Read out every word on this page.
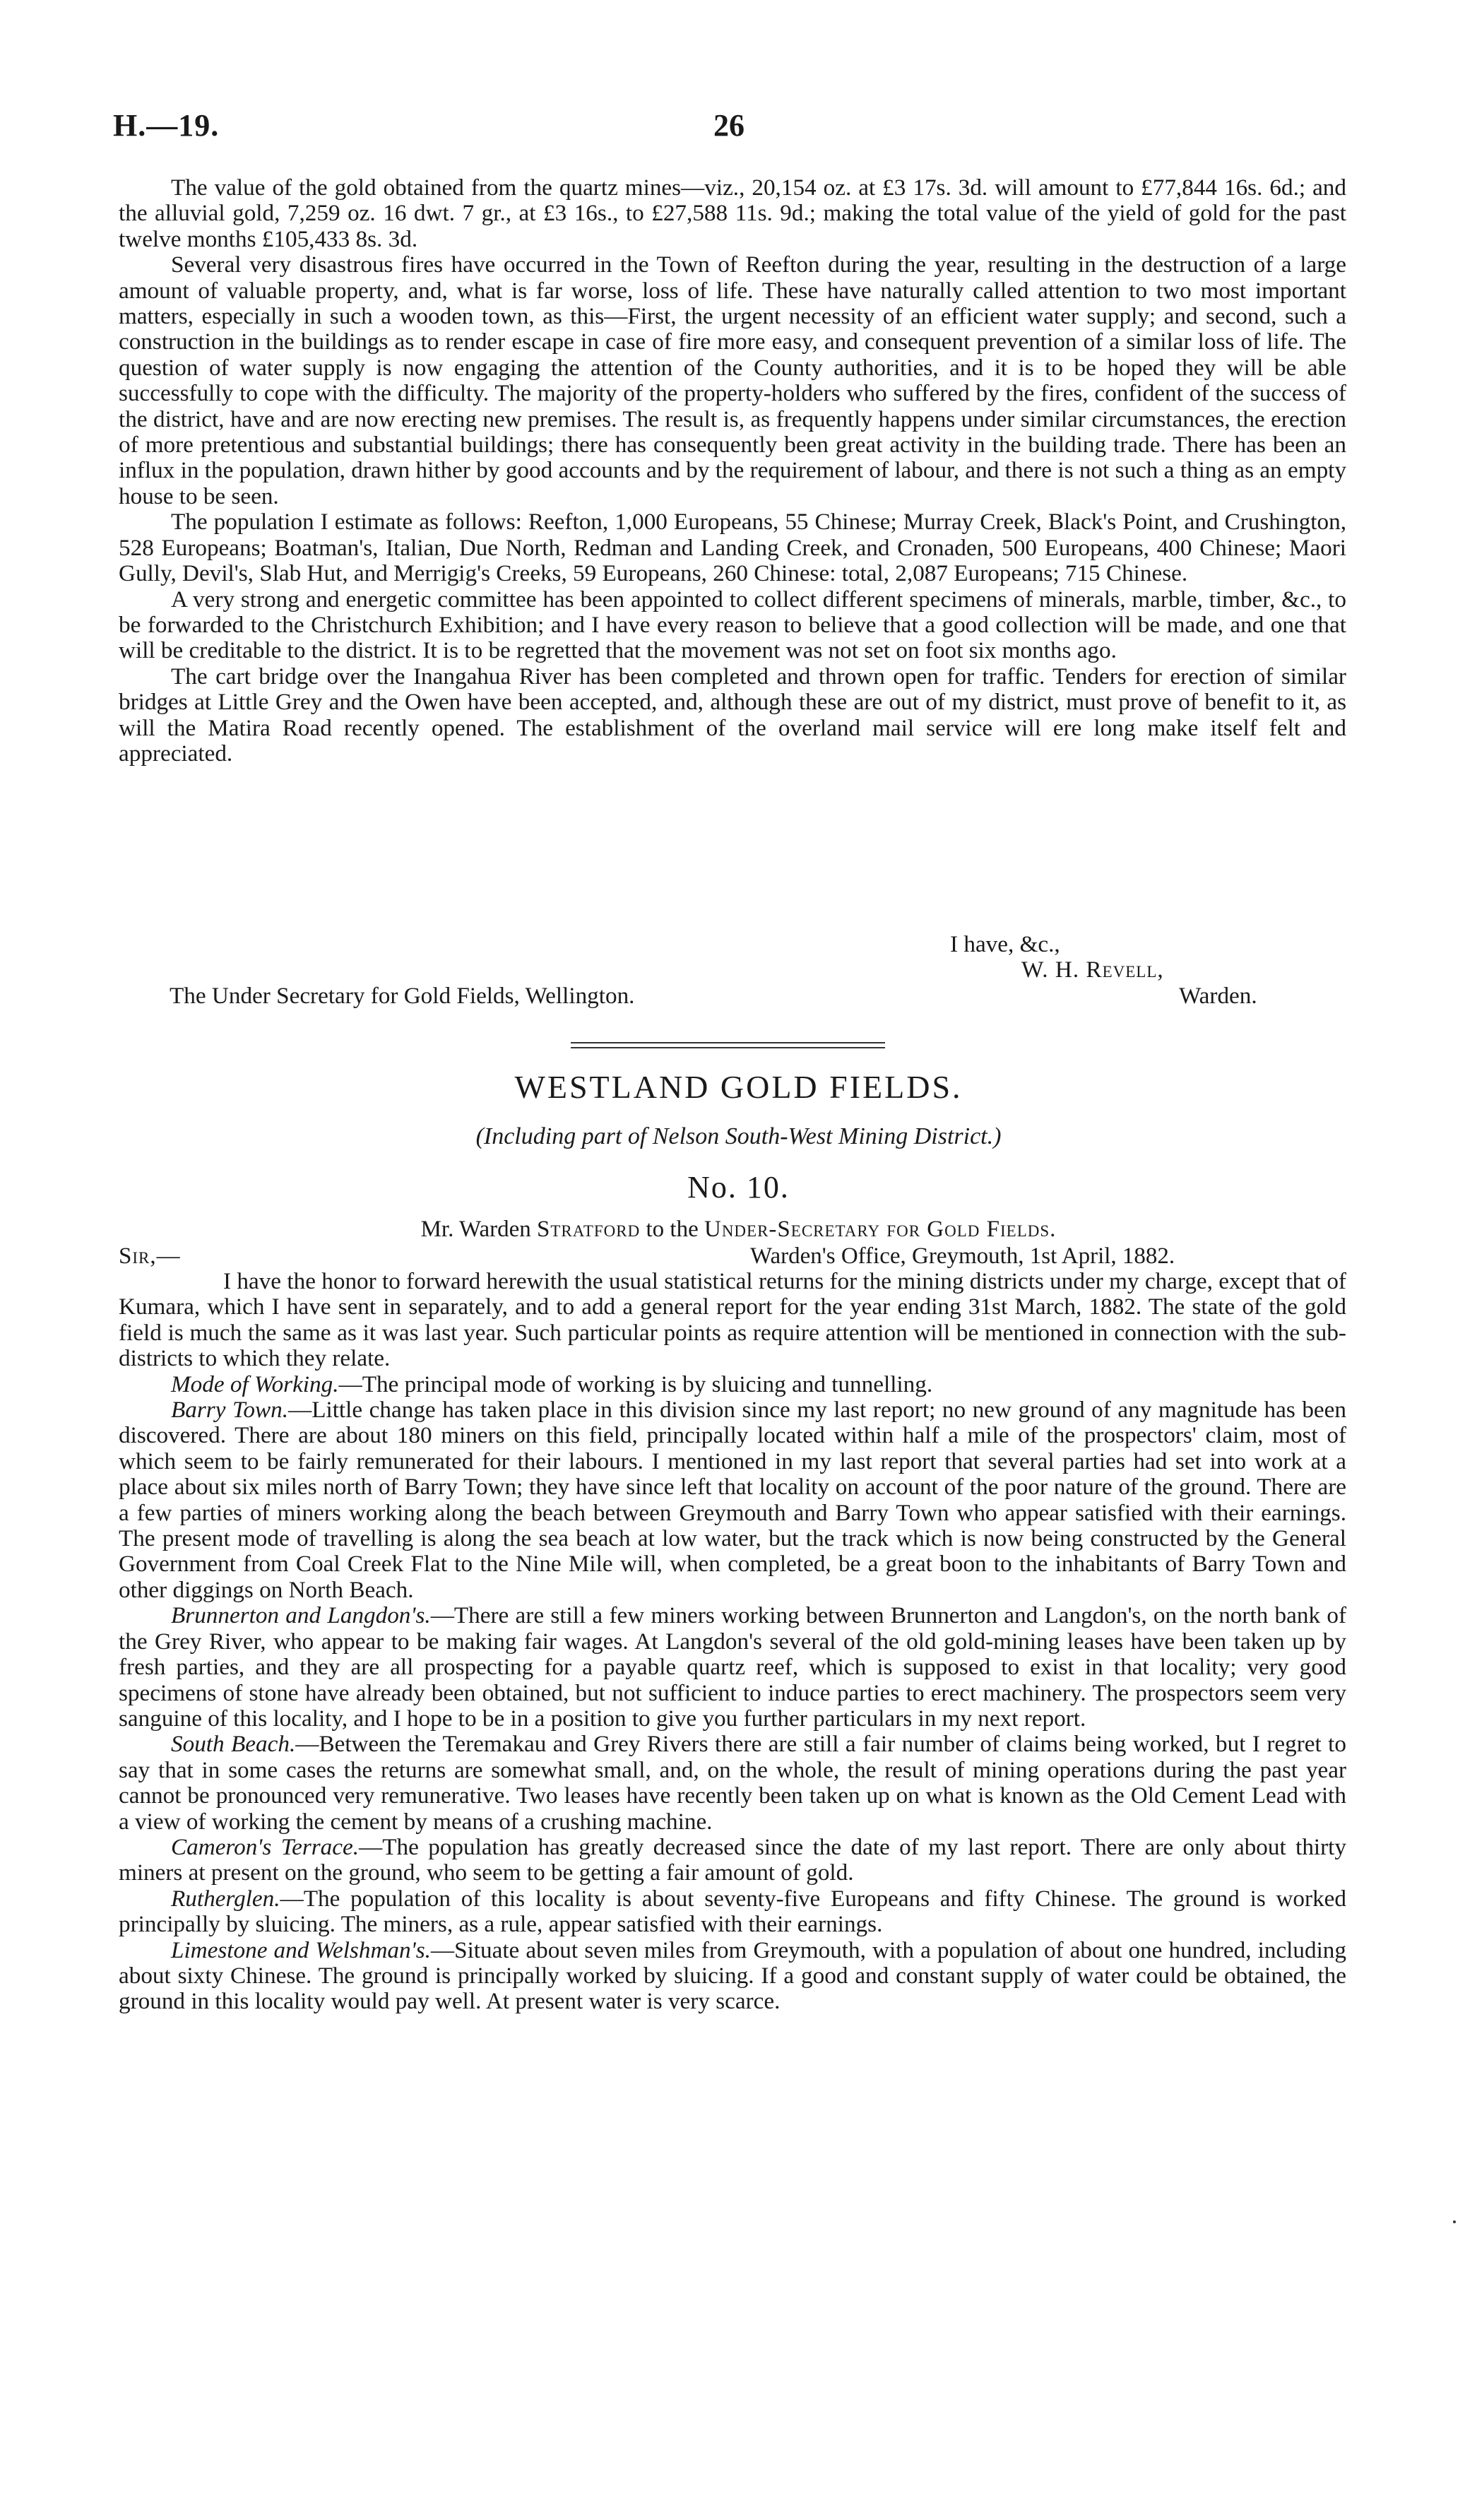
H.—19.	26

The value of the gold obtained from the quartz mines—viz., 20,154 oz. at £3 17s. 3d. will amount to £77,844 16s. 6d.; and the alluvial gold, 7,259 oz. 16 dwt. 7 gr., at £3 16s., to £27,588 11s. 9d.; making the total value of the yield of gold for the past twelve months £105,433 8s. 3d.

Several very disastrous fires have occurred in the Town of Reefton during the year, resulting in the destruction of a large amount of valuable property, and, what is far worse, loss of life. These have naturally called attention to two most important matters, especially in such a wooden town, as this—First, the urgent necessity of an efficient water supply; and second, such a construction in the buildings as to render escape in case of fire more easy, and consequent prevention of a similar loss of life. The question of water supply is now engaging the attention of the County authorities, and it is to be hoped they will be able successfully to cope with the difficulty. The majority of the property-holders who suffered by the fires, confident of the success of the district, have and are now erecting new premises. The result is, as frequently happens under similar circumstances, the erection of more pretentious and substantial buildings; there has consequently been great activity in the building trade. There has been an influx in the population, drawn hither by good accounts and by the requirement of labour, and there is not such a thing as an empty house to be seen.

The population I estimate as follows: Reefton, 1,000 Europeans, 55 Chinese; Murray Creek, Black's Point, and Crushington, 528 Europeans; Boatman's, Italian, Due North, Redman and Landing Creek, and Cronaden, 500 Europeans, 400 Chinese; Maori Gully, Devil's, Slab Hut, and Merrigig's Creeks, 59 Europeans, 260 Chinese: total, 2,087 Europeans; 715 Chinese.

A very strong and energetic committee has been appointed to collect different specimens of minerals, marble, timber, &c., to be forwarded to the Christchurch Exhibition; and I have every reason to believe that a good collection will be made, and one that will be creditable to the district. It is to be regretted that the movement was not set on foot six months ago.

The cart bridge over the Inangahua River has been completed and thrown open for traffic. Tenders for erection of similar bridges at Little Grey and the Owen have been accepted, and, although these are out of my district, must prove of benefit to it, as will the Matira Road recently opened. The establishment of the overland mail service will ere long make itself felt and appreciated.

I have, &c.,
W. H. Revell,
The Under Secretary for Gold Fields, Wellington.	Warden.
WESTLAND GOLD FIELDS.
(Including part of Nelson South-West Mining District.)
No. 10.
Mr. Warden Stratford to the Under-Secretary for Gold Fields.
Sir,—	Warden's Office, Greymouth, 1st April, 1882.

I have the honor to forward herewith the usual statistical returns for the mining districts under my charge, except that of Kumara, which I have sent in separately, and to add a general report for the year ending 31st March, 1882. The state of the gold field is much the same as it was last year. Such particular points as require attention will be mentioned in connection with the sub-districts to which they relate.

Mode of Working.—The principal mode of working is by sluicing and tunnelling.

Barry Town.—Little change has taken place in this division since my last report; no new ground of any magnitude has been discovered. There are about 180 miners on this field, principally located within half a mile of the prospectors' claim, most of which seem to be fairly remunerated for their labours. I mentioned in my last report that several parties had set into work at a place about six miles north of Barry Town; they have since left that locality on account of the poor nature of the ground. There are a few parties of miners working along the beach between Greymouth and Barry Town who appear satisfied with their earnings. The present mode of travelling is along the sea beach at low water, but the track which is now being constructed by the General Government from Coal Creek Flat to the Nine Mile will, when completed, be a great boon to the inhabitants of Barry Town and other diggings on North Beach.

Brunnerton and Langdon's.—There are still a few miners working between Brunnerton and Langdon's, on the north bank of the Grey River, who appear to be making fair wages. At Langdon's several of the old gold-mining leases have been taken up by fresh parties, and they are all prospecting for a payable quartz reef, which is supposed to exist in that locality; very good specimens of stone have already been obtained, but not sufficient to induce parties to erect machinery. The prospectors seem very sanguine of this locality, and I hope to be in a position to give you further particulars in my next report.

South Beach.—Between the Teremakau and Grey Rivers there are still a fair number of claims being worked, but I regret to say that in some cases the returns are somewhat small, and, on the whole, the result of mining operations during the past year cannot be pronounced very remunerative. Two leases have recently been taken up on what is known as the Old Cement Lead with a view of working the cement by means of a crushing machine.

Cameron's Terrace.—The population has greatly decreased since the date of my last report. There are only about thirty miners at present on the ground, who seem to be getting a fair amount of gold.

Rutherglen.—The population of this locality is about seventy-five Europeans and fifty Chinese. The ground is worked principally by sluicing. The miners, as a rule, appear satisfied with their earnings.

Limestone and Welshman's.—Situate about seven miles from Greymouth, with a population of about one hundred, including about sixty Chinese. The ground is principally worked by sluicing. If a good and constant supply of water could be obtained, the ground in this locality would pay well. At present water is very scarce.
